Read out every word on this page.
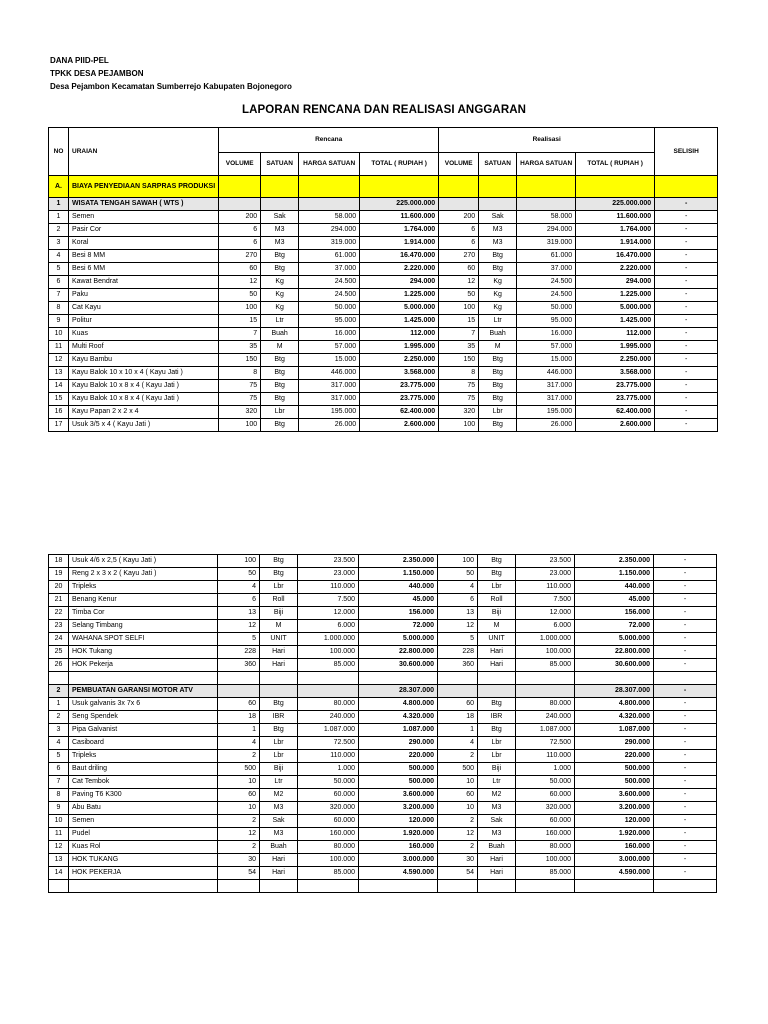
DANA PIID-PEL
TPKK DESA PEJAMBON
Desa Pejambon Kecamatan Sumberrejo Kabupaten Bojonegoro
LAPORAN RENCANA DAN REALISASI ANGGARAN
NO	URAIAN	Rencana				Realisasi				SELISIH
		VOLUME	SATUAN	HARGA SATUAN	TOTAL ( RUPIAH )	VOLUME	SATUAN	HARGA SATUAN	TOTAL ( RUPIAH )	
A.	BIAYA PENYEDIAAN SARPRAS PRODUKSI									
1	WISATA TENGAH SAWAH ( WTS )				225.000.000				225.000.000	-
1	Semen	200	Sak	58.000	11.600.000	200	Sak	58.000	11.600.000	-
2	Pasir Cor	6	M3	294.000	1.764.000	6	M3	294.000	1.764.000	-
3	Koral	6	M3	319.000	1.914.000	6	M3	319.000	1.914.000	-
4	Besi 8 MM	270	Btg	61.000	16.470.000	270	Btg	61.000	16.470.000	-
5	Besi 6 MM	60	Btg	37.000	2.220.000	60	Btg	37.000	2.220.000	-
6	Kawat Bendrat	12	Kg	24.500	294.000	12	Kg	24.500	294.000	-
7	Paku	50	Kg	24.500	1.225.000	50	Kg	24.500	1.225.000	-
8	Cat Kayu	100	Kg	50.000	5.000.000	100	Kg	50.000	5.000.000	-
9	Politur	15	Ltr	95.000	1.425.000	15	Ltr	95.000	1.425.000	-
10	Kuas	7	Buah	16.000	112.000	7	Buah	16.000	112.000	-
11	Multi Roof	35	M	57.000	1.995.000	35	M	57.000	1.995.000	-
12	Kayu Bambu	150	Btg	15.000	2.250.000	150	Btg	15.000	2.250.000	-
13	Kayu Balok 10 x 10 x 4 ( Kayu Jati )	8	Btg	446.000	3.568.000	8	Btg	446.000	3.568.000	-
14	Kayu Balok 10 x 8 x 4 ( Kayu Jati )	75	Btg	317.000	23.775.000	75	Btg	317.000	23.775.000	-
15	Kayu Balok 10 x 8 x 4 ( Kayu Jati )	75	Btg	317.000	23.775.000	75	Btg	317.000	23.775.000	-
16	Kayu Papan 2 x 2 x 4	320	Lbr	195.000	62.400.000	320	Lbr	195.000	62.400.000	-
17	Usuk 3/5 x 4 ( Kayu Jati )	100	Btg	26.000	2.600.000	100	Btg	26.000	2.600.000	-
18	Usuk 4/6 x 2,5 ( Kayu Jati )	100	Btg	23.500	2.350.000	100	Btg	23.500	2.350.000	-
19	Reng 2 x 3 x 2 ( Kayu Jati )	50	Btg	23.000	1.150.000	50	Btg	23.000	1.150.000	-
20	Tripleks	4	Lbr	110.000	440.000	4	Lbr	110.000	440.000	-
21	Benang Kenur	6	Roll	7.500	45.000	6	Roll	7.500	45.000	-
22	Timba Cor	13	Biji	12.000	156.000	13	Biji	12.000	156.000	-
23	Selang Timbang	12	M	6.000	72.000	12	M	6.000	72.000	-
24	WAHANA SPOT SELFI	5	UNIT	1.000.000	5.000.000	5	UNIT	1.000.000	5.000.000	-
25	HOK Tukang	228	Hari	100.000	22.800.000	228	Hari	100.000	22.800.000	-
26	HOK Pekerja	360	Hari	85.000	30.600.000	360	Hari	85.000	30.600.000	-

2	PEMBUATAN GARANSI MOTOR ATV				28.307.000				28.307.000	-
1	Usuk galvanis 3x 7x 6	60	Btg	80.000	4.800.000	60	Btg	80.000	4.800.000	-
2	Seng Spendek	18	IBR	240.000	4.320.000	18	IBR	240.000	4.320.000	-
3	Pipa Galvanist	1	Btg	1.087.000	1.087.000	1	Btg	1.087.000	1.087.000	-
4	Casiboard	4	Lbr	72.500	290.000	4	Lbr	72.500	290.000	-
5	Tripleks	2	Lbr	110.000	220.000	2	Lbr	110.000	220.000	-
6	Baut driling	500	Biji	1.000	500.000	500	Biji	1.000	500.000	-
7	Cat Tembok	10	Ltr	50.000	500.000	10	Ltr	50.000	500.000	-
8	Paving T6 K300	60	M2	60.000	3.600.000	60	M2	60.000	3.600.000	-
9	Abu Batu	10	M3	320.000	3.200.000	10	M3	320.000	3.200.000	-
10	Semen	2	Sak	60.000	120.000	2	Sak	60.000	120.000	-
11	Pudel	12	M3	160.000	1.920.000	12	M3	160.000	1.920.000	-
12	Kuas Rol	2	Buah	80.000	160.000	2	Buah	80.000	160.000	-
13	HOK TUKANG	30	Hari	100.000	3.000.000	30	Hari	100.000	3.000.000	-
14	HOK PEKERJA	54	Hari	85.000	4.590.000	54	Hari	85.000	4.590.000	-
